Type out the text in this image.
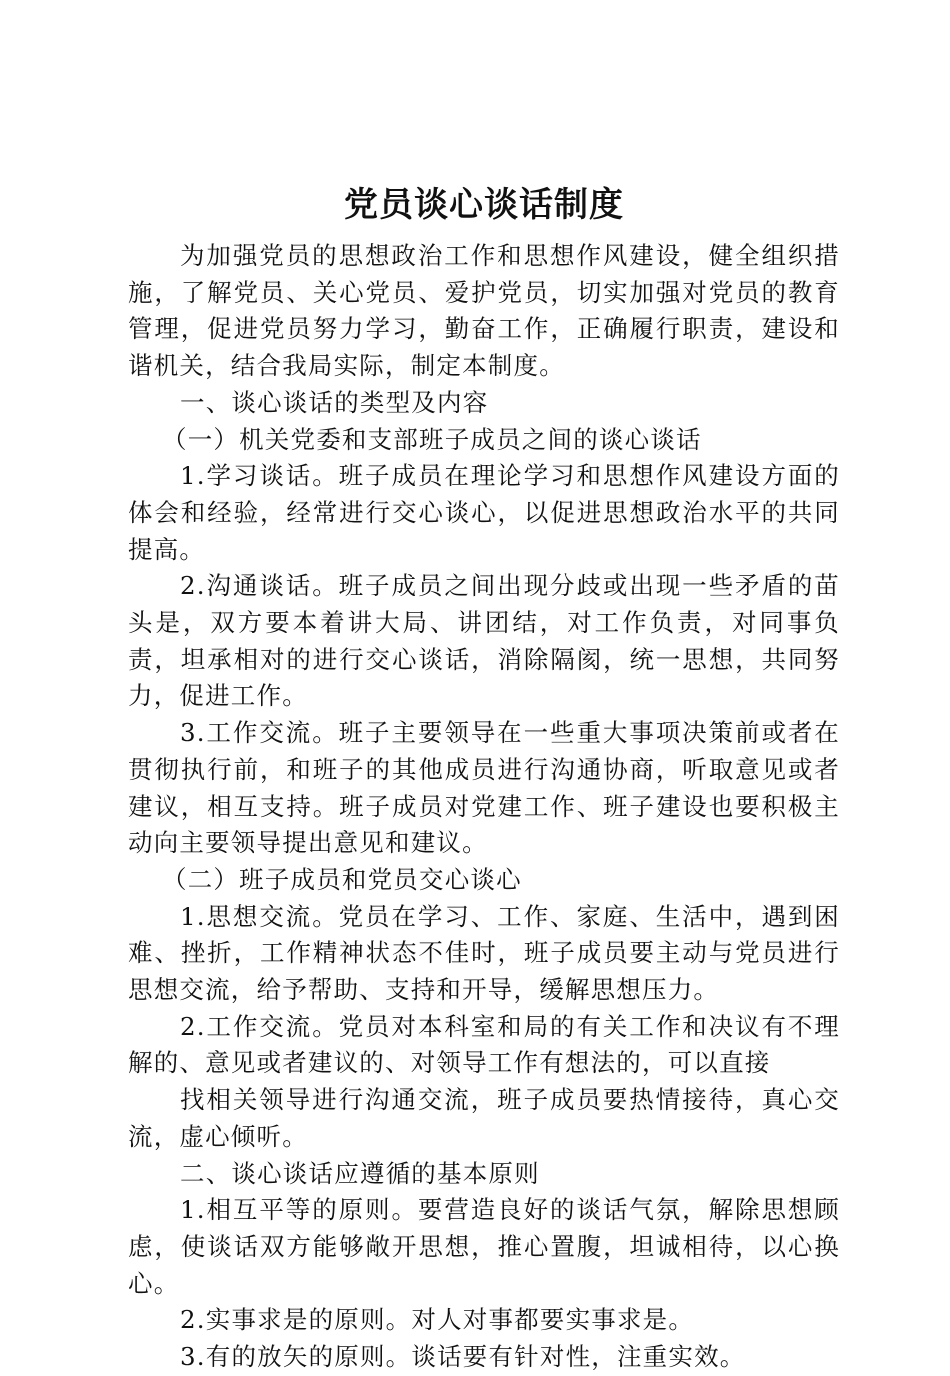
党员谈心谈话制度

为加强党员的思想政治工作和思想作风建设，健全组织措施，了解党员、关心党员、爱护党员，切实加强对党员的教育管理，促进党员努力学习，勤奋工作，正确履行职责，建设和谐机关，结合我局实际，制定本制度。

一、谈心谈话的类型及内容

（一）机关党委和支部班子成员之间的谈心谈话

1.学习谈话。班子成员在理论学习和思想作风建设方面的体会和经验，经常进行交心谈心，以促进思想政治水平的共同提高。

2.沟通谈话。班子成员之间出现分歧或出现一些矛盾的苗头是，双方要本着讲大局、讲团结，对工作负责，对同事负责，坦承相对的进行交心谈话，消除隔阂，统一思想，共同努力，促进工作。

3.工作交流。班子主要领导在一些重大事项决策前或者在贯彻执行前，和班子的其他成员进行沟通协商，听取意见或者建议，相互支持。班子成员对党建工作、班子建设也要积极主动向主要领导提出意见和建议。

（二）班子成员和党员交心谈心

1.思想交流。党员在学习、工作、家庭、生活中，遇到困难、挫折，工作精神状态不佳时，班子成员要主动与党员进行思想交流，给予帮助、支持和开导，缓解思想压力。

2.工作交流。党员对本科室和局的有关工作和决议有不理解的、意见或者建议的、对领导工作有想法的，可以直接

找相关领导进行沟通交流，班子成员要热情接待，真心交流，虚心倾听。

二、谈心谈话应遵循的基本原则

1.相互平等的原则。要营造良好的谈话气氛，解除思想顾虑，使谈话双方能够敞开思想，推心置腹，坦诚相待，以心换心。

2.实事求是的原则。对人对事都要实事求是。

3.有的放矢的原则。谈话要有针对性，注重实效。
